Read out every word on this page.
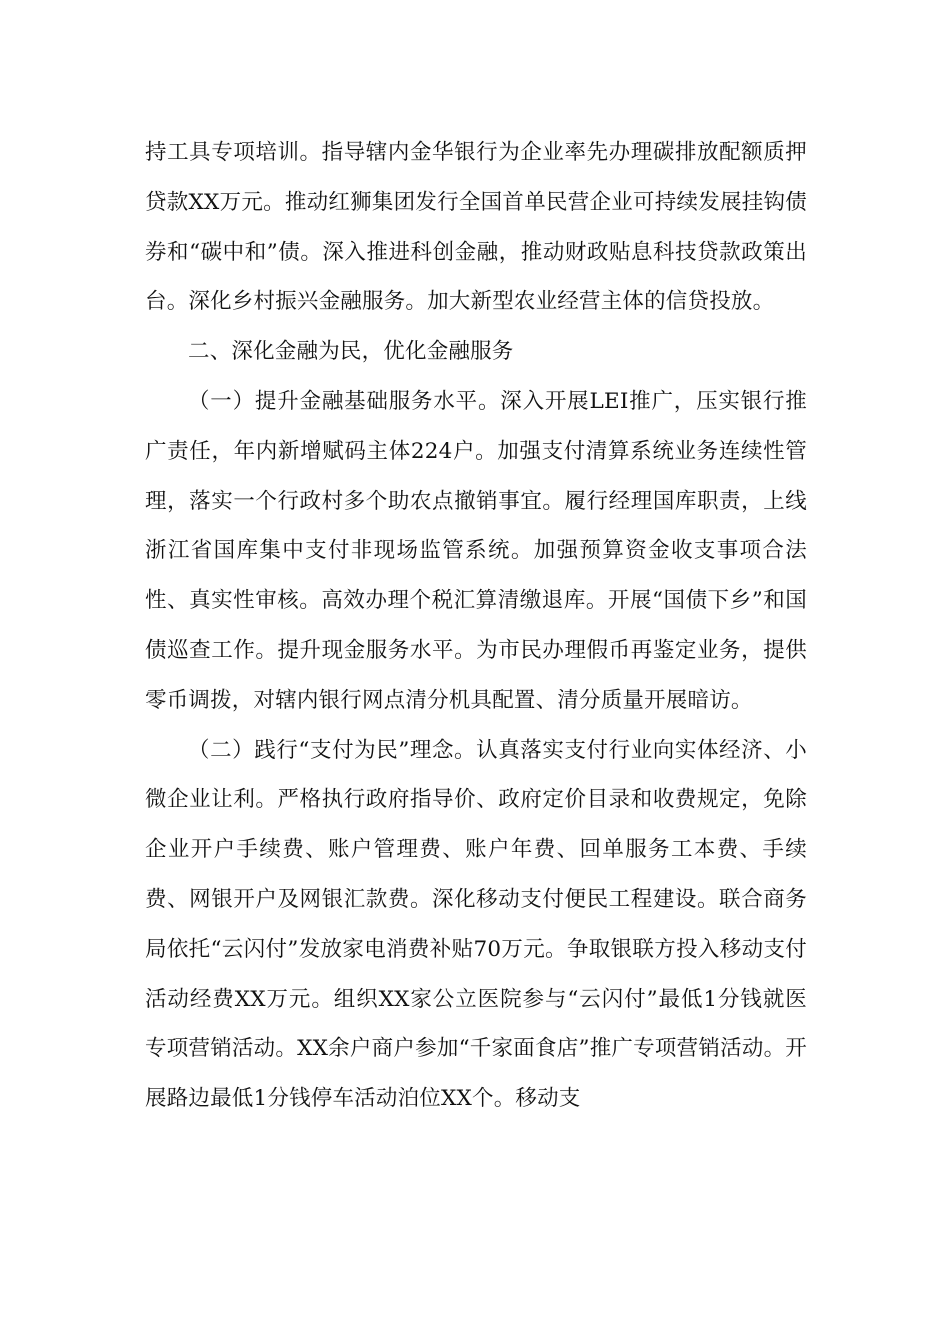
持工具专项培训。指导辖内金华银行为企业率先办理碳排放配额质押贷款XX万元。推动红狮集团发行全国首单民营企业可持续发展挂钩债券和“碳中和”债。深入推进科创金融，推动财政贴息科技贷款政策出台。深化乡村振兴金融服务。加大新型农业经营主体的信贷投放。

二、深化金融为民，优化金融服务

（一）提升金融基础服务水平。深入开展LEI推广，压实银行推广责任，年内新增赋码主体224户。加强支付清算系统业务连续性管理，落实一个行政村多个助农点撤销事宜。履行经理国库职责，上线浙江省国库集中支付非现场监管系统。加强预算资金收支事项合法性、真实性审核。高效办理个税汇算清缴退库。开展“国债下乡”和国债巡查工作。提升现金服务水平。为市民办理假币再鉴定业务，提供零币调拨，对辖内银行网点清分机具配置、清分质量开展暗访。

（二）践行“支付为民”理念。认真落实支付行业向实体经济、小微企业让利。严格执行政府指导价、政府定价目录和收费规定，免除企业开户手续费、账户管理费、账户年费、回单服务工本费、手续费、网银开户及网银汇款费。深化移动支付便民工程建设。联合商务局依托“云闪付”发放家电消费补贴70万元。争取银联方投入移动支付活动经费XX万元。组织XX家公立医院参与“云闪付”最低1分钱就医专项营销活动。XX余户商户参加“千家面食店”推广专项营销活动。开展路边最低1分钱停车活动泊位XX个。移动支
